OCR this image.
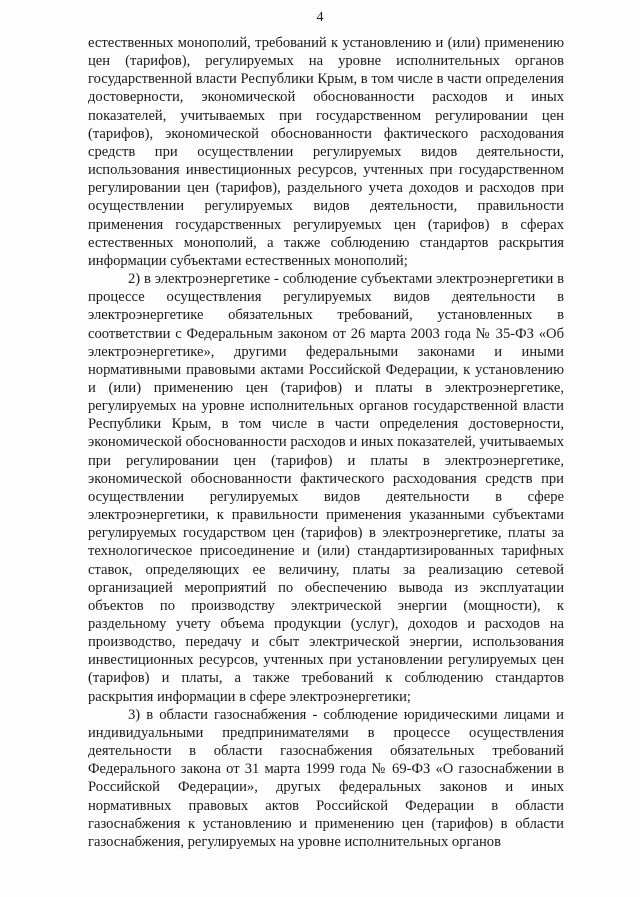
4

естественных монополий, требований к установлению и (или) применению цен (тарифов), регулируемых на уровне исполнительных органов государственной власти Республики Крым, в том числе в части определения достоверности, экономической обоснованности расходов и иных показателей, учитываемых при государственном регулировании цен (тарифов), экономической обоснованности фактического расходования средств при осуществлении регулируемых видов деятельности, использования инвестиционных ресурсов, учтенных при государственном регулировании цен (тарифов), раздельного учета доходов и расходов при осуществлении регулируемых видов деятельности, правильности применения государственных регулируемых цен (тарифов) в сферах естественных монополий, а также соблюдению стандартов раскрытия информации субъектами естественных монополий;

2) в электроэнергетике - соблюдение субъектами электроэнергетики в процессе осуществления регулируемых видов деятельности в электроэнергетике обязательных требований, установленных в соответствии с Федеральным законом от 26 марта 2003 года № 35-ФЗ «Об электроэнергетике», другими федеральными законами и иными нормативными правовыми актами Российской Федерации, к установлению и (или) применению цен (тарифов) и платы в электроэнергетике, регулируемых на уровне исполнительных органов государственной власти Республики Крым, в том числе в части определения достоверности, экономической обоснованности расходов и иных показателей, учитываемых при регулировании цен (тарифов) и платы в электроэнергетике, экономической обоснованности фактического расходования средств при осуществлении регулируемых видов деятельности в сфере электроэнергетики, к правильности применения указанными субъектами регулируемых государством цен (тарифов) в электроэнергетике, платы за технологическое присоединение и (или) стандартизированных тарифных ставок, определяющих ее величину, платы за реализацию сетевой организацией мероприятий по обеспечению вывода из эксплуатации объектов по производству электрической энергии (мощности), к раздельному учету объема продукции (услуг), доходов и расходов на производство, передачу и сбыт электрической энергии, использования инвестиционных ресурсов, учтенных при установлении регулируемых цен (тарифов) и платы, а также требований к соблюдению стандартов раскрытия информации в сфере электроэнергетики;

3) в области газоснабжения - соблюдение юридическими лицами и индивидуальными предпринимателями в процессе осуществления деятельности в области газоснабжения обязательных требований Федерального закона от 31 марта 1999 года № 69-ФЗ «О газоснабжении в Российской Федерации», другых федеральных законов и иных нормативных правовых актов Российской Федерации в области газоснабжения к установлению и применению цен (тарифов) в области газоснабжения, регулируемых на уровне исполнительных органов
